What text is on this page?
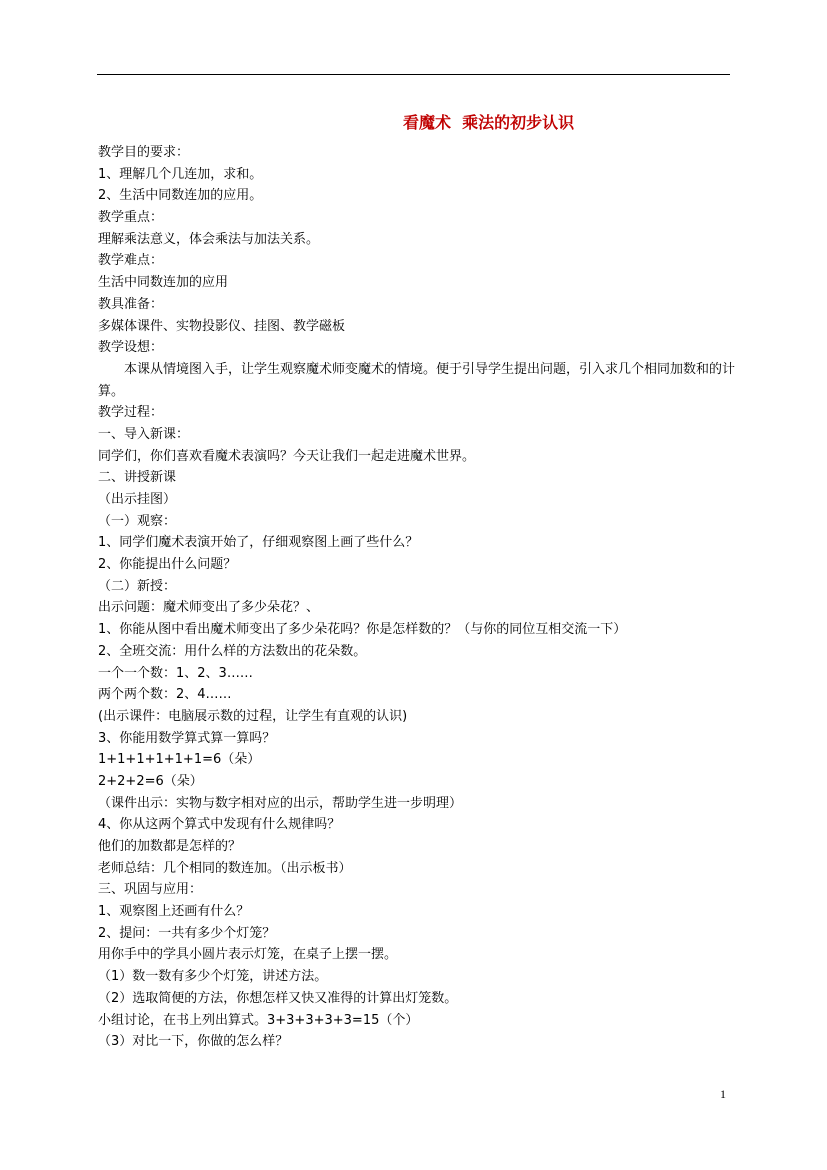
看魔术  乘法的初步认识
教学目的要求：
1、理解几个几连加，求和。
2、生活中同数连加的应用。
教学重点：
理解乘法意义，体会乘法与加法关系。
教学难点：
生活中同数连加的应用
教具准备：
多媒体课件、实物投影仪、挂图、教学磁板
教学设想：
本课从情境图入手，让学生观察魔术师变魔术的情境。便于引导学生提出问题，引入求几个相同加数和的计算。
教学过程：
一、导入新课：
同学们，你们喜欢看魔术表演吗？今天让我们一起走进魔术世界。
二、讲授新课
（出示挂图）
（一）观察：
1、同学们魔术表演开始了，仔细观察图上画了些什么？
2、你能提出什么问题？
（二）新授：
出示问题：魔术师变出了多少朵花？、
1、你能从图中看出魔术师变出了多少朵花吗？你是怎样数的？（与你的同位互相交流一下）
2、全班交流：用什么样的方法数出的花朵数。
一个一个数：1、2、3……
两个两个数：2、4……
(出示课件：电脑展示数的过程，让学生有直观的认识)
3、你能用数学算式算一算吗？
1+1+1+1+1+1=6（朵）
2+2+2=6（朵）
（课件出示：实物与数字相对应的出示，帮助学生进一步明理）
4、你从这两个算式中发现有什么规律吗？
他们的加数都是怎样的？
老师总结：几个相同的数连加。（出示板书）
三、巩固与应用：
1、观察图上还画有什么？
2、提问：一共有多少个灯笼？
用你手中的学具小圆片表示灯笼，在桌子上摆一摆。
（1）数一数有多少个灯笼，讲述方法。
（2）选取简便的方法，你想怎样又快又准得的计算出灯笼数。
小组讨论，在书上列出算式。3+3+3+3+3=15（个）
（3）对比一下，你做的怎么样？
1
